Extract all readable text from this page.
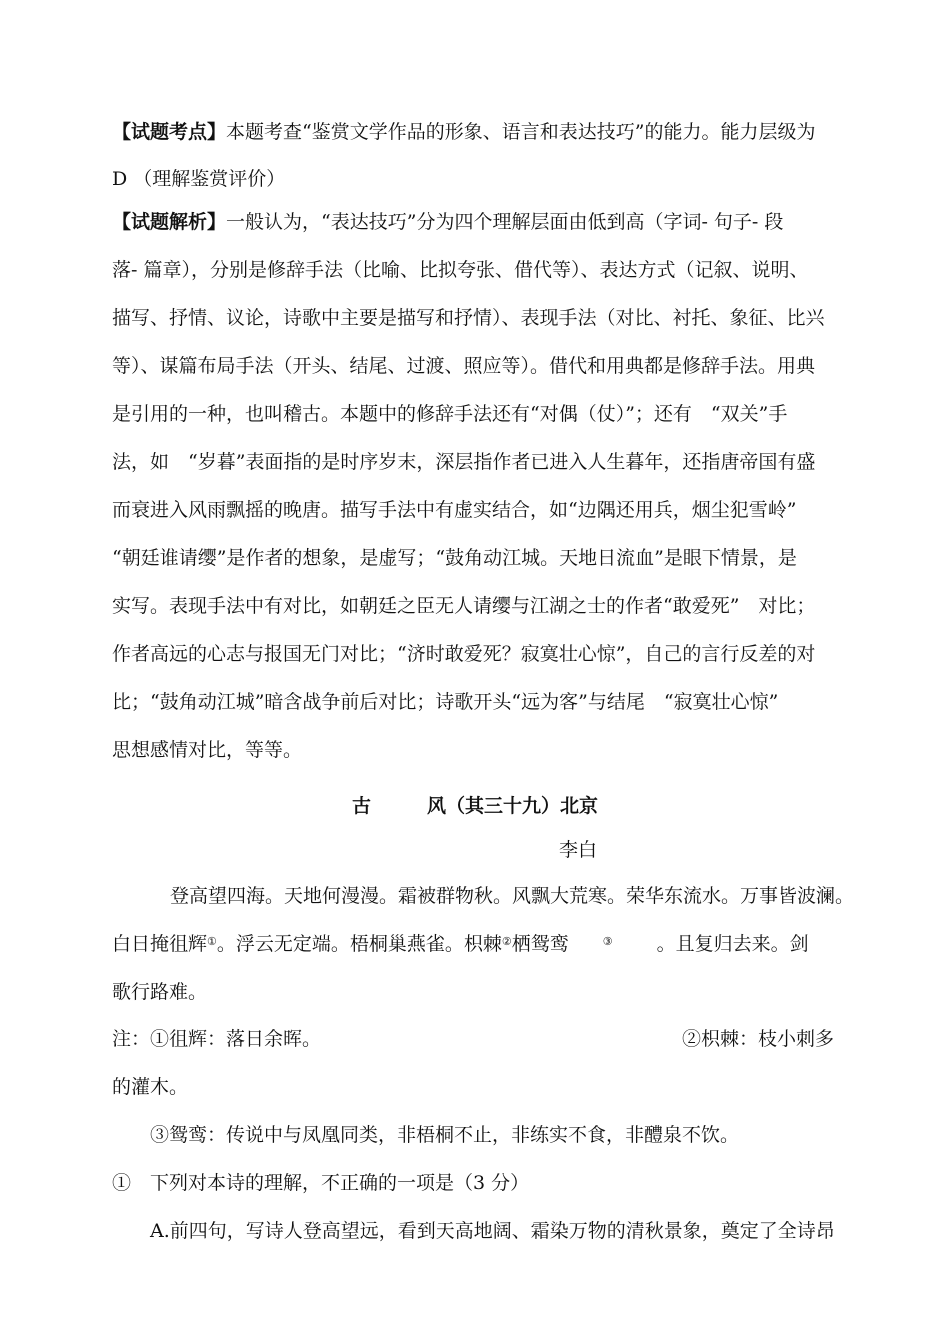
【试题考点】本题考查“鉴赏文学作品的形象、语言和表达技巧”的能力。能力层级为
D （理解鉴赏评价）
【试题解析】一般认为，“表达技巧”分为四个理解层面由低到高（字词- 句子- 段
落- 篇章），分别是修辞手法（比喻、比拟夸张、借代等）、表达方式（记叙、说明、
描写、抒情、议论，诗歌中主要是描写和抒情）、表现手法（对比、衬托、象征、比兴
等）、谋篇布局手法（开头、结尾、过渡、照应等）。借代和用典都是修辞手法。用典
是引用的一种，也叫稽古。本题中的修辞手法还有“对偶（仗）”；还有　“双关”手
法，如　“岁暮”表面指的是时序岁末，深层指作者已进入人生暮年，还指唐帝国有盛
而衰进入风雨飘摇的晚唐。描写手法中有虚实结合，如“边隅还用兵，烟尘犯雪岭”
“朝廷谁请缨”是作者的想象，是虚写；“鼓角动江城。天地日流血”是眼下情景，是
实写。表现手法中有对比，如朝廷之臣无人请缨与江湖之士的作者“敢爱死”　对比；
作者高远的心志与报国无门对比；“济时敢爱死？寂寞壮心惊”，自己的言行反差的对
比；“鼓角动江城”暗含战争前后对比；诗歌开头“远为客”与结尾　“寂寞壮心惊”
思想感情对比，等等。
古	风（其三十九）北京
李白
登高望四海。天地何漫漫。霜被群物秋。风飘大荒寒。荣华东流水。万事皆波澜。
白日掩徂辉①。浮云无定端。梧桐巢燕雀。枳棘②栖鸳鸾	③ 。且复归去来。剑
歌行路难。
注：①徂辉：落日余晖。	②枳棘：枝小刺多
的灌木。
③鸳鸾：传说中与凤凰同类，非梧桐不止，非练实不食，非醴泉不饮。
①　下列对本诗的理解，不正确的一项是（3 分）
A.前四句，写诗人登高望远，看到天高地阔、霜染万物的清秋景象，奠定了全诗昂
